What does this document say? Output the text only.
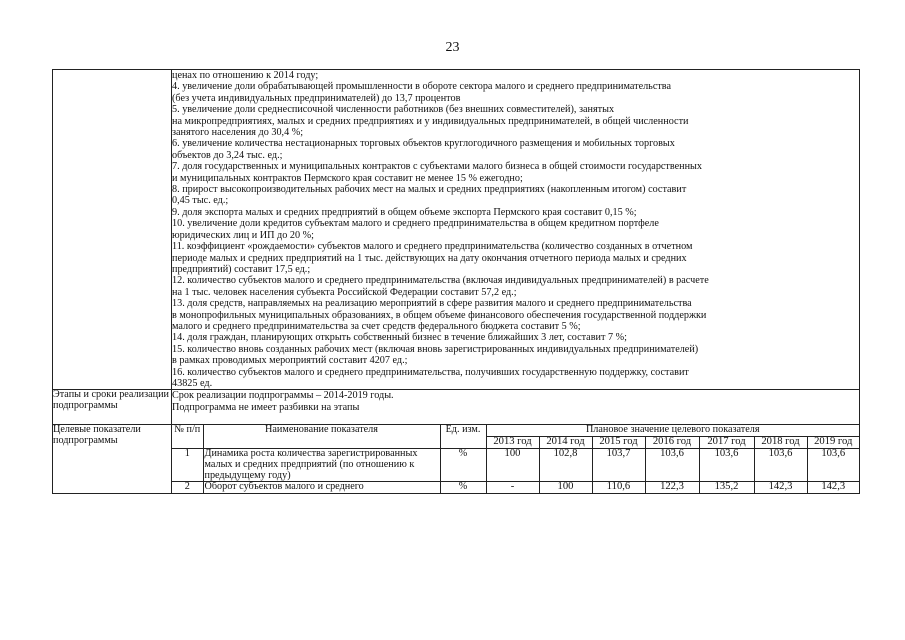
23

ценах по отношению к 2014 году;
4. увеличение доли обрабатывающей промышленности в обороте сектора малого и среднего предпринимательства
(без учета индивидуальных предпринимателей) до 13,7 процентов
5. увеличение доли среднесписочной численности работников (без внешних совместителей), занятых
на микропредприятиях, малых и средних предприятиях и у индивидуальных предпринимателей, в общей численности
занятого населения до 30,4 %;
6. увеличение количества нестационарных торговых объектов круглогодичного размещения и мобильных торговых
объектов до 3,24 тыс. ед.;
7. доля государственных и муниципальных контрактов с субъектами малого бизнеса в общей стоимости государственных
и муниципальных контрактов Пермского края составит не менее 15 % ежегодно;
8. прирост высокопроизводительных рабочих мест на малых и средних предприятиях (накопленным итогом) составит
0,45 тыс. ед.;
9. доля экспорта малых и средних предприятий в общем объеме экспорта Пермского края составит 0,15 %;
10. увеличение доли кредитов субъектам малого и среднего предпринимательства в общем кредитном портфеле
юридических лиц и ИП до 20 %;
11. коэффициент «рождаемости» субъектов малого и среднего предпринимательства (количество созданных в отчетном
периоде малых и средних предприятий на 1 тыс. действующих на дату окончания отчетного периода малых и средних
предприятий) составит 17,5 ед.;
12. количество субъектов малого и среднего предпринимательства (включая индивидуальных предпринимателей) в расчете
на 1 тыс. человек населения субъекта Российской Федерации составит 57,2 ед.;
13. доля средств, направляемых на реализацию мероприятий в сфере развития малого и среднего предпринимательства
в монопрофильных муниципальных образованиях, в общем объеме финансового обеспечения государственной поддержки
малого и среднего предпринимательства за счет средств федерального бюджета составит 5 %;
14. доля граждан, планирующих открыть собственный бизнес в течение ближайших 3 лет, составит 7 %;
15. количество вновь созданных рабочих мест (включая вновь зарегистрированных индивидуальных предпринимателей)
в рамках проводимых мероприятий составит 4207 ед.;
16. количество субъектов малого и среднего предпринимательства, получивших государственную поддержку, составит
43825 ед.

Этапы и сроки реализации подпрограммы	
Срок реализации подпрограммы – 2014-2019 годы.
Подпрограмма не имеет разбивки на этапы

Целевые показатели подпрограммы	
№ п/п	Наименование показателя	Ед. изм.	Плановое значение целевого показателя
2013 год	2014 год	2015 год	2016 год	2017 год	2018 год	2019 год
1	Динамика роста количества зарегистрированных малых и средних предприятий (по отношению к предыдущему году)	%	100	102,8	103,7	103,6	103,6	103,6	103,6
2	Оборот субъектов малого и среднего	%	-	100	110,6	122,3	135,2	142,3	142,3
